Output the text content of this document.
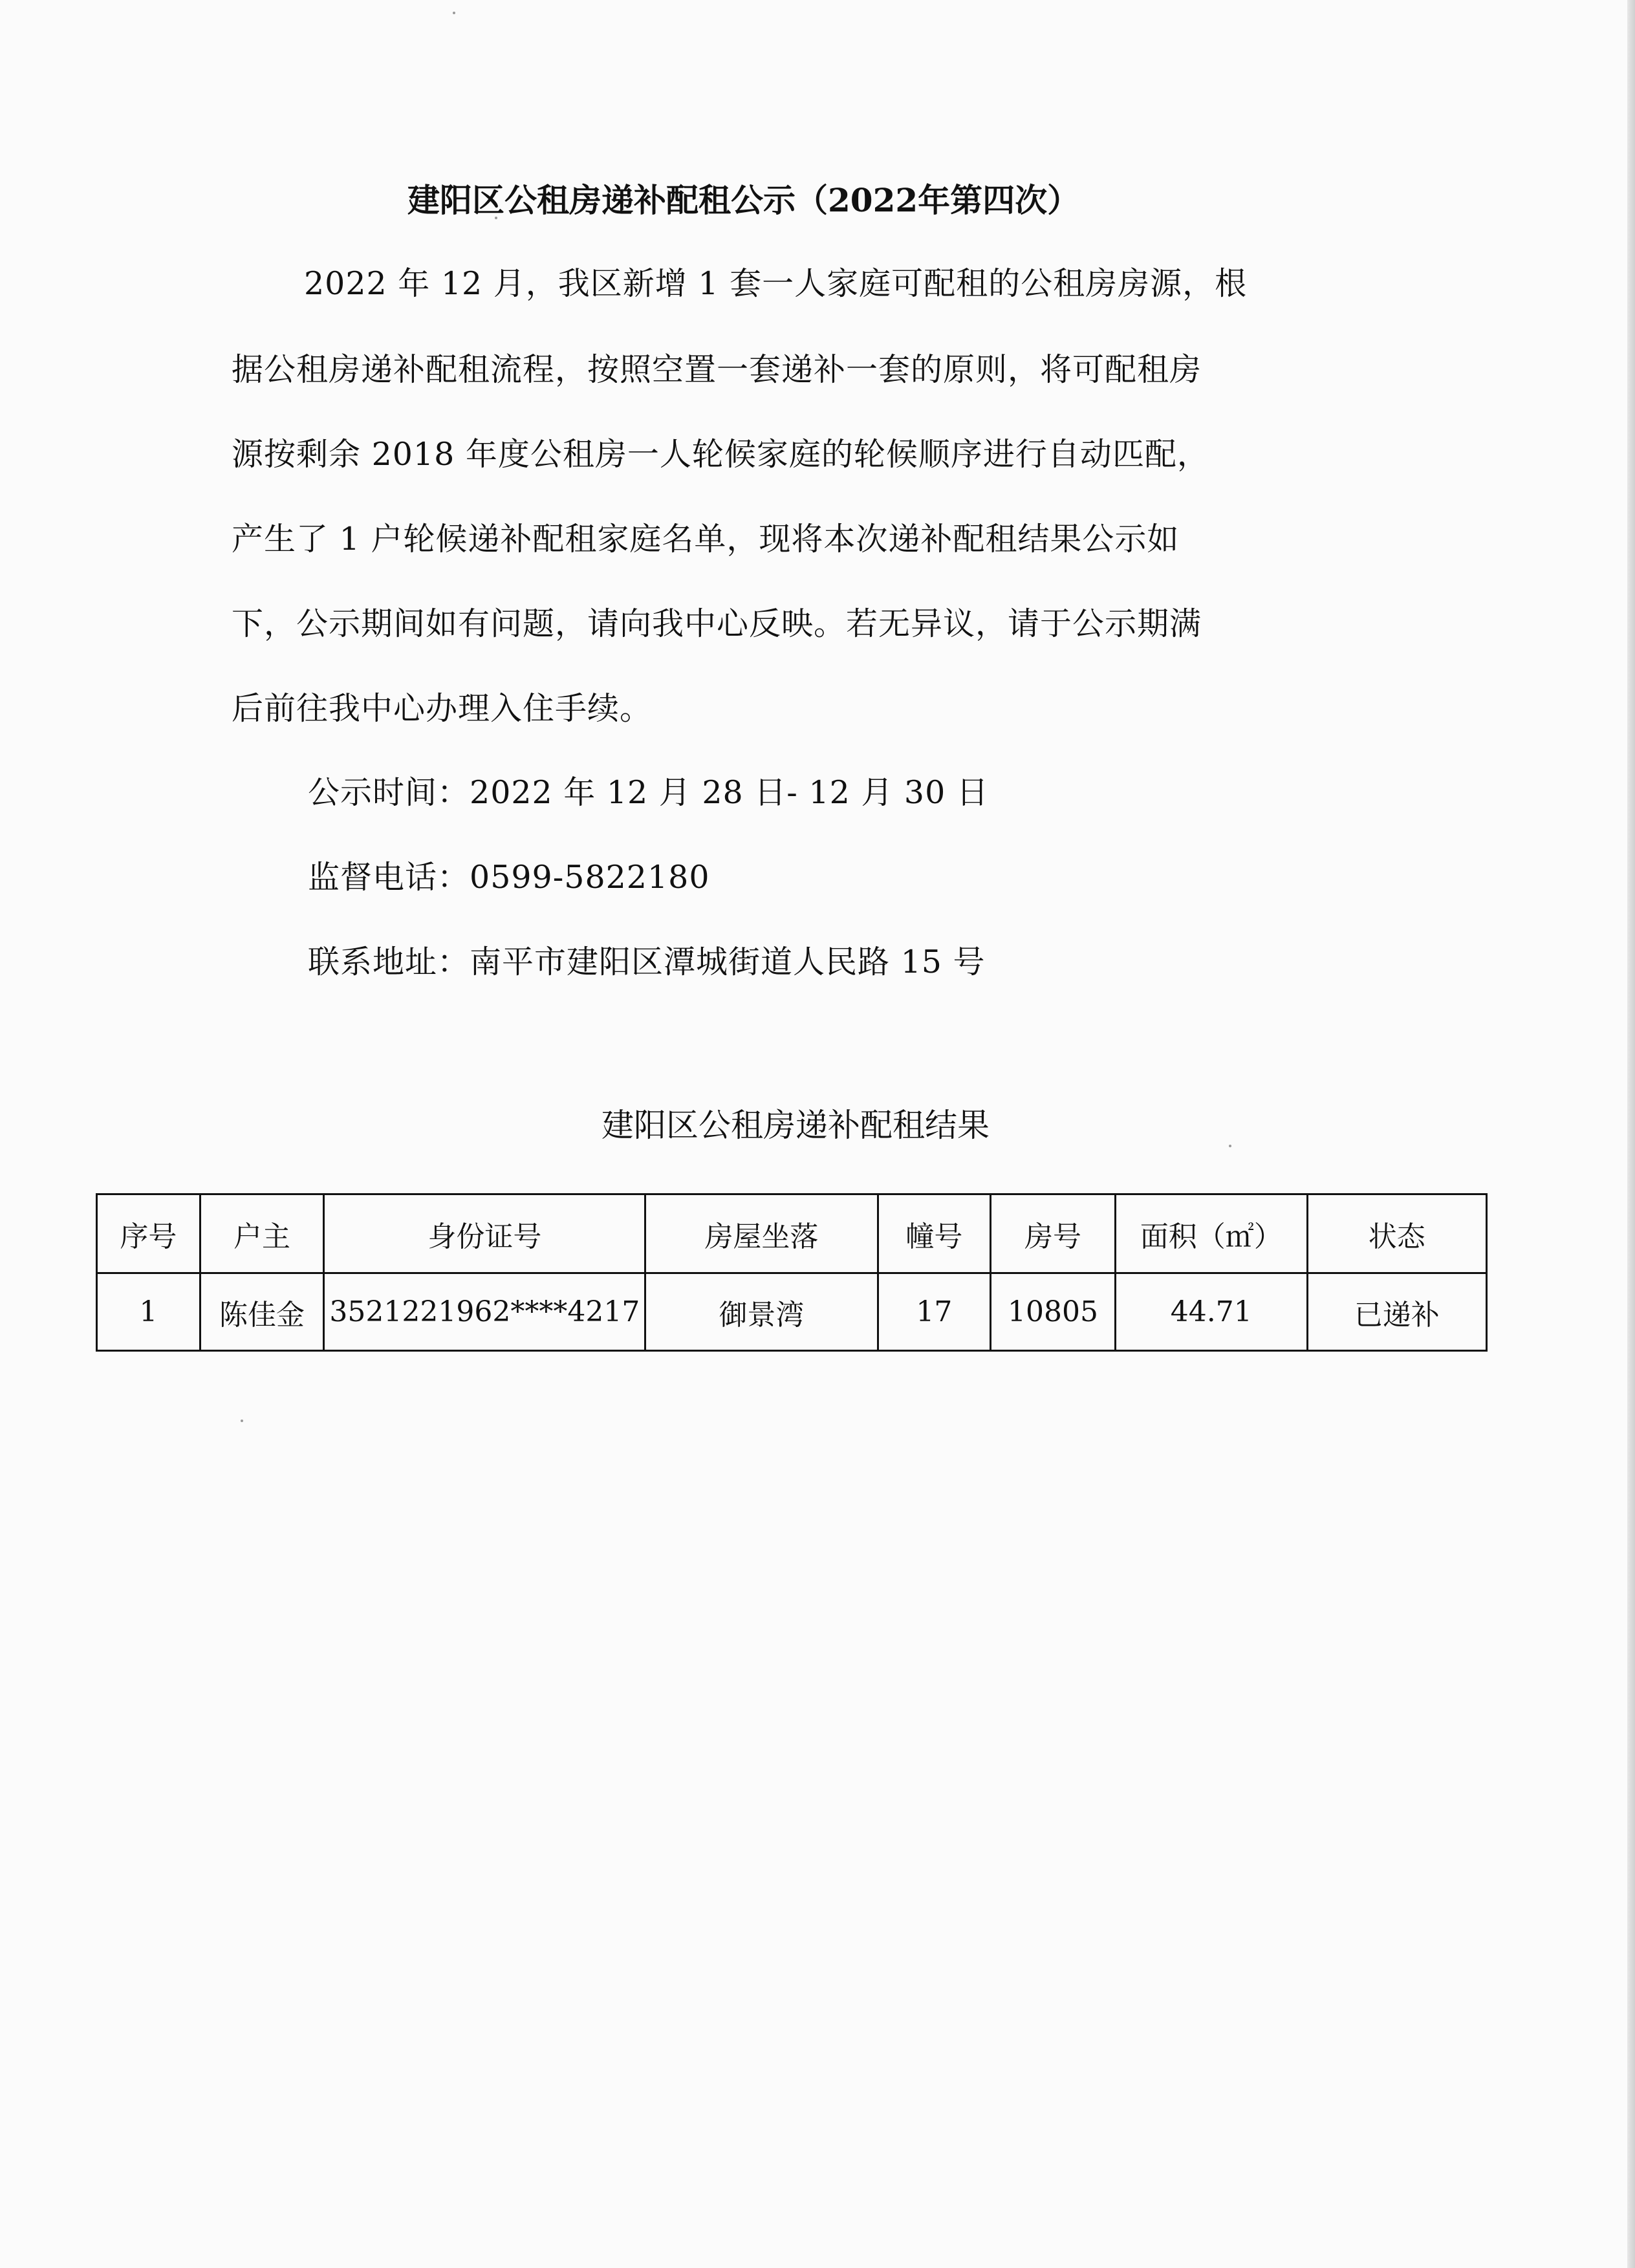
建阳区公租房递补配租公示（2022年第四次）
2022 年 12 月，我区新增 1 套一人家庭可配租的公租房房源，根
据公租房递补配租流程，按照空置一套递补一套的原则，将可配租房
源按剩余 2018 年度公租房一人轮候家庭的轮候顺序进行自动匹配，
产生了 1 户轮候递补配租家庭名单，现将本次递补配租结果公示如
下，公示期间如有问题，请向我中心反映。若无异议，请于公示期满
后前往我中心办理入住手续。
公示时间：2022 年 12 月 28 日- 12 月 30 日
监督电话：0599-5822180
联系地址：南平市建阳区潭城街道人民路 15 号
建阳区公租房递补配租结果
序号	户主	身份证号	房屋坐落	幢号	房号	面积（㎡）	状态
1	陈佳金	3521221962****4217	御景湾	17	10805	44.71	已递补
